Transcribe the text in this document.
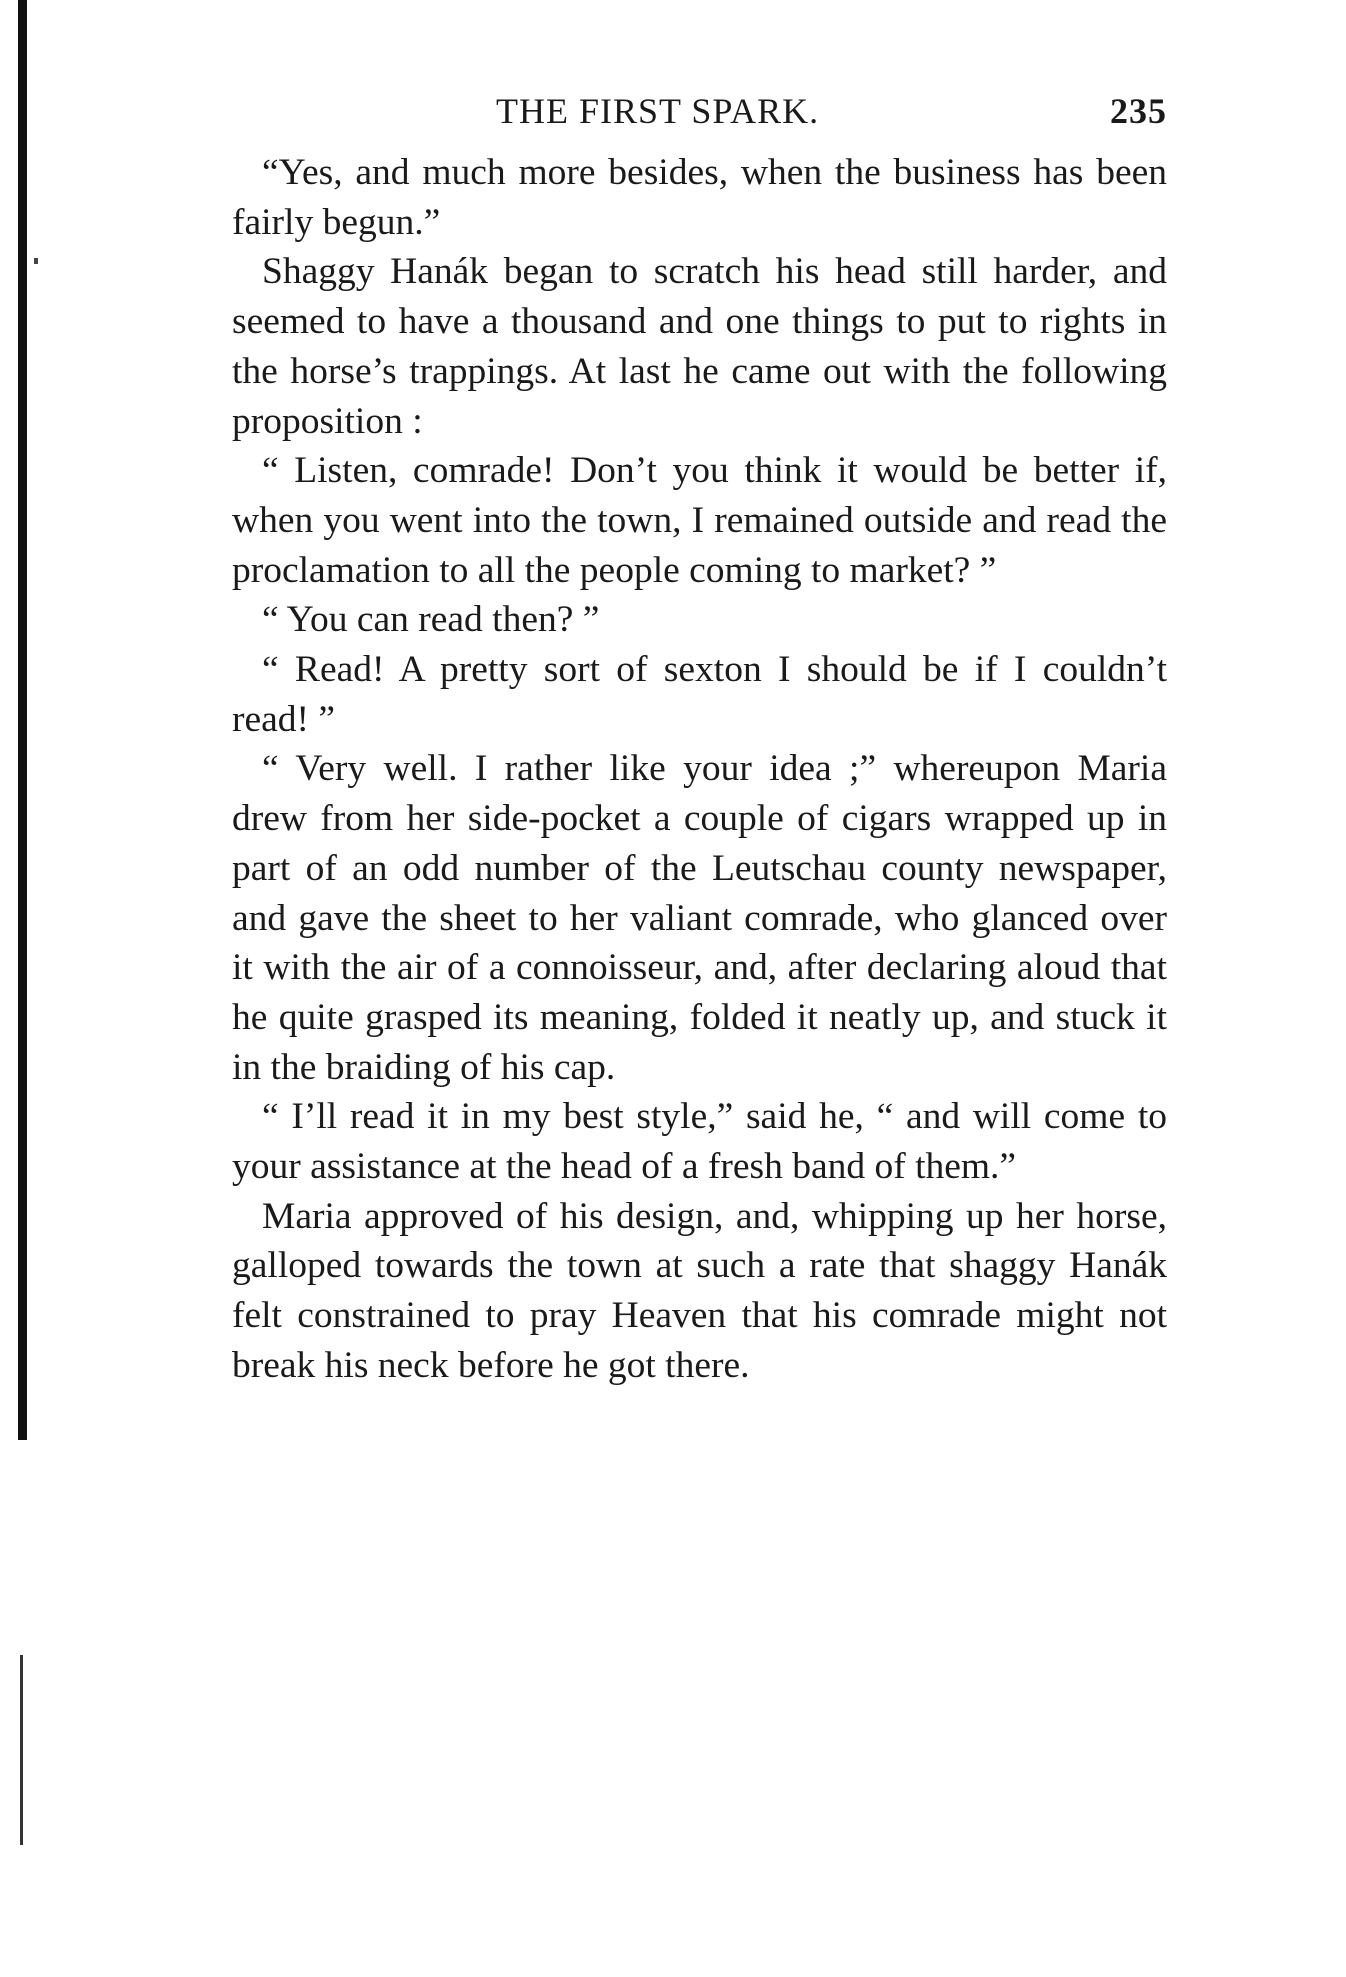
THE FIRST SPARK.	235

“Yes, and much more besides, when the business has been fairly begun.”

Shaggy Hanák began to scratch his head still harder, and seemed to have a thousand and one things to put to rights in the horse’s trappings. At last he came out with the following proposition :

“ Listen, comrade! Don’t you think it would be better if, when you went into the town, I remained outside and read the proclamation to all the people coming to market? ”

“ You can read then? ”

“ Read! A pretty sort of sexton I should be if I couldn’t read! ”

“ Very well. I rather like your idea ;” whereupon Maria drew from her side-pocket a couple of cigars wrapped up in part of an odd number of the Leutschau county newspaper, and gave the sheet to her valiant comrade, who glanced over it with the air of a connoisseur, and, after declaring aloud that he quite grasped its meaning, folded it neatly up, and stuck it in the braiding of his cap.

“ I’ll read it in my best style,” said he, “ and will come to your assistance at the head of a fresh band of them.”

Maria approved of his design, and, whipping up her horse, galloped towards the town at such a rate that shaggy Hanák felt constrained to pray Heaven that his comrade might not break his neck before he got there.
